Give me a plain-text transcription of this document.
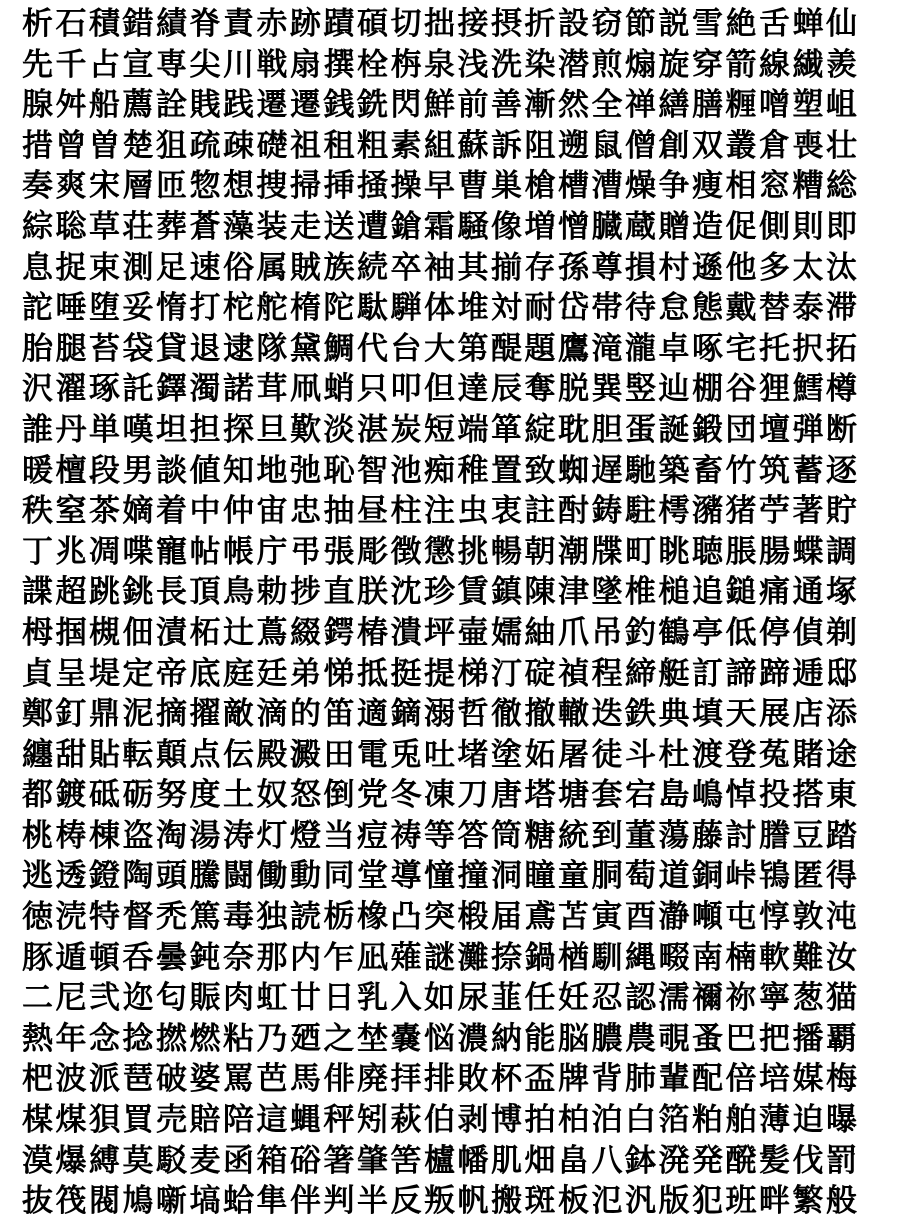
析石積錯績脊責赤跡蹟碩切拙接摂折設窃節説雪絶舌蝉仙
先千占宣専尖川戦扇撰栓栴泉浅洗染潜煎煽旋穿箭線繊羨
腺舛船薦詮賎践遷遷銭銑閃鮮前善漸然全禅繕膳糎噌塑岨
措曾曽楚狙疏疎礎祖租粗素組蘇訴阻遡鼠僧創双叢倉喪壮
奏爽宋層匝惣想捜掃挿掻操早曹巣槍槽漕燥争痩相窓糟総
綜聡草荘葬蒼藻装走送遭鎗霜騒像増憎臓蔵贈造促側則即
息捉束測足速俗属賊族続卒袖其揃存孫尊損村遜他多太汰
詑唾堕妥惰打柁舵楕陀駄騨体堆対耐岱帯待怠態戴替泰滞
胎腿苔袋貸退逮隊黛鯛代台大第醍題鷹滝瀧卓啄宅托択拓
沢濯琢託鐸濁諾茸凧蛸只叩但達辰奪脱巽竪辿棚谷狸鱈樽
誰丹単嘆坦担探旦歎淡湛炭短端箪綻耽胆蛋誕鍛団壇弾断
暖檀段男談値知地弛恥智池痴稚置致蜘遅馳築畜竹筑蓄逐
秩窒茶嫡着中仲宙忠抽昼柱注虫衷註酎鋳駐樗瀦猪苧著貯
丁兆凋喋寵帖帳庁弔張彫徴懲挑暢朝潮牒町眺聴脹腸蝶調
諜超跳銚長頂鳥勅捗直朕沈珍賃鎮陳津墜椎槌追鎚痛通塚
栂掴槻佃漬柘辻蔦綴鍔椿潰坪壷嬬紬爪吊釣鶴亭低停偵剃
貞呈堤定帝底庭廷弟悌抵挺提梯汀碇禎程締艇訂諦蹄逓邸
鄭釘鼎泥摘擢敵滴的笛適鏑溺哲徹撤轍迭鉄典填天展店添
纏甜貼転顛点伝殿澱田電兎吐堵塗妬屠徒斗杜渡登菟賭途
都鍍砥砺努度土奴怒倒党冬凍刀唐塔塘套宕島嶋悼投搭東
桃梼棟盗淘湯涛灯燈当痘祷等答筒糖統到董蕩藤討謄豆踏
逃透鐙陶頭騰闘働動同堂導憧撞洞瞳童胴萄道銅峠鴇匿得
徳涜特督禿篤毒独読栃橡凸突椴届鳶苫寅酉瀞噸屯惇敦沌
豚遁頓呑曇鈍奈那内乍凪薙謎灘捺鍋楢馴縄畷南楠軟難汝
二尼弐迩匂賑肉虹廿日乳入如尿韮任妊忍認濡禰祢寧葱猫
熱年念捻撚燃粘乃廼之埜嚢悩濃納能脳膿農覗蚤巴把播覇
杷波派琶破婆罵芭馬俳廃拝排敗杯盃牌背肺輩配倍培媒梅
楳煤狽買売賠陪這蝿秤矧萩伯剥博拍柏泊白箔粕舶薄迫曝
漠爆縛莫駁麦函箱硲箸肇筈櫨幡肌畑畠八鉢溌発醗髪伐罰
抜筏閥鳩噺塙蛤隼伴判半反叛帆搬斑板氾汎版犯班畔繁般
